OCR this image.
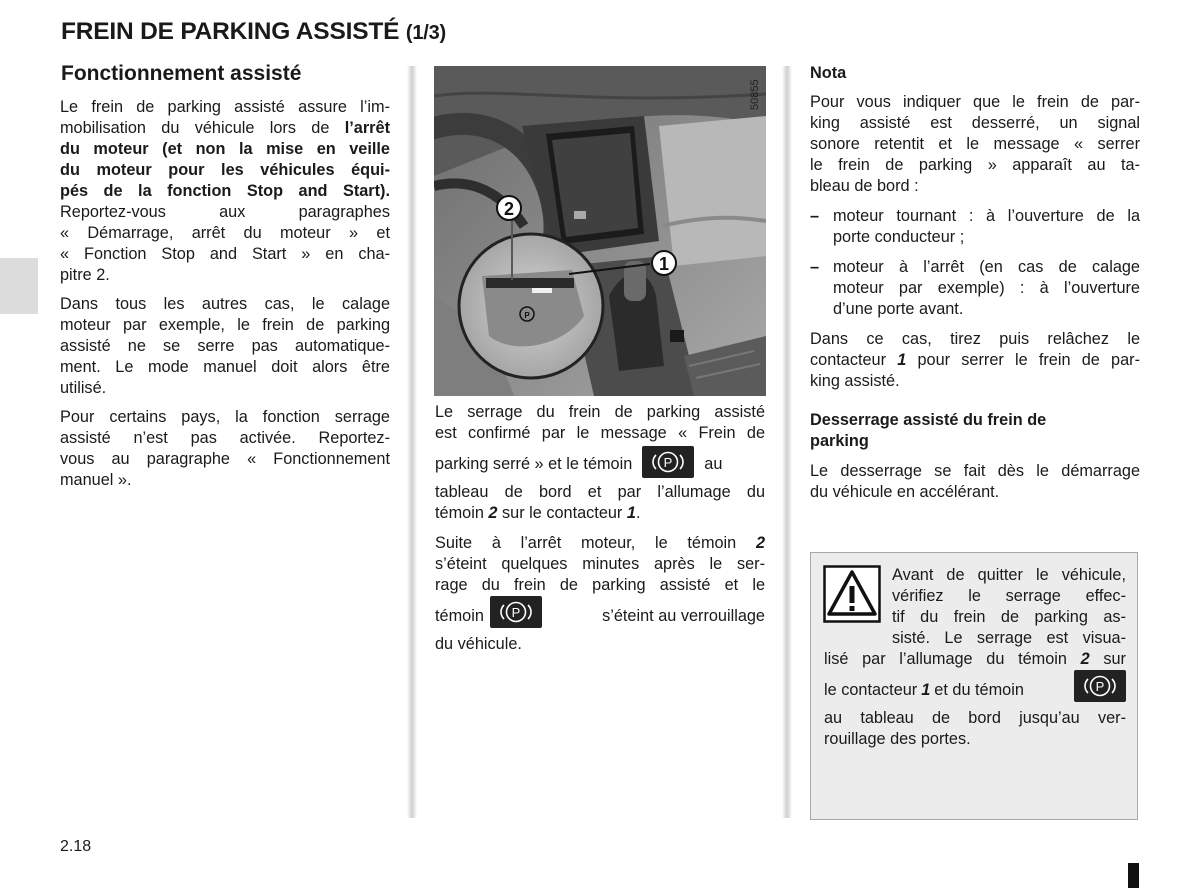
FREIN DE PARKING ASSISTÉ (1/3)
Fonctionnement assisté

Le frein de parking assisté assure l’im-

mobilisation du véhicule lors de l’arrêt

du moteur (et non la mise en veille

du moteur pour les véhicules équi-

pés de la fonction Stop and Start).

Reportez-vous aux paragraphes

« Démarrage, arrêt du moteur » et

« Fonction Stop and Start » en cha-

pitre 2.

Dans tous les autres cas, le calage

moteur par exemple, le frein de parking

assisté ne se serre pas automatique-

ment. Le mode manuel doit alors être

utilisé.

Pour certains pays, la fonction serrage

assisté n’est pas activée. Reportez-

vous au paragraphe « Fonctionnement

manuel ».

50855
P
2
1

Le serrage du frein de parking assisté

est confirmé par le message « Frein de

parking serré » et le témoin P au

tableau de bord et par l’allumage du

témoin 2 sur le contacteur 1.

Suite à l’arrêt moteur, le témoin 2

s’éteint quelques minutes après le ser-

rage du frein de parking assisté et le

témoin P	s’éteint au verrouillage

du véhicule.

Nota

Pour vous indiquer que le frein de par-

king assisté est desserré, un signal

sonore retentit et le message « serrer

le frein de parking » apparaît au ta-

bleau de bord :

– moteur tournant : à l’ouverture de la

porte conducteur ;

– moteur à l’arrêt (en cas de calage

moteur par exemple) : à l’ouverture

d’une porte avant.

Dans ce cas, tirez puis relâchez le

contacteur 1 pour serrer le frein de par-

king assisté.

Desserrage assisté du frein de

parking

Le desserrage se fait dès le démarrage

du véhicule en accélérant.

Avant de quitter le véhicule,

vérifiez le serrage effec-

tif du frein de parking as-

sisté. Le serrage est visua-

lisé par l’allumage du témoin 2 sur

le contacteur 1 et du témoin	P

au tableau de bord jusqu’au ver-

rouillage des portes.

2.18
